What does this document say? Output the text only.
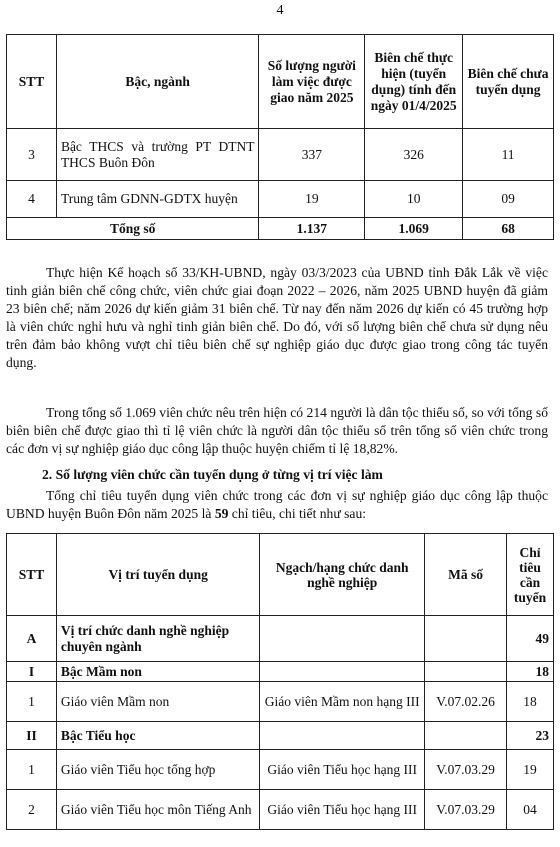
4
STT	Bậc, ngành	Số lượng người làm việc được giao năm 2025	Biên chế thực hiện (tuyển dụng) tính đến ngày 01/4/2025	Biên chế chưa tuyển dụng
3	Bậc THCS và trường PT DTNT THCS Buôn Đôn	337	326	11
4	Trung tâm GDNN-GDTX huyện	19	10	09
Tổng số		1.137	1.069	68

Thực hiện Kế hoạch số 33/KH-UBND, ngày 03/3/2023 của UBND tỉnh Đắk Lắk về việc tinh giản biên chế công chức, viên chức giai đoạn 2022 – 2026, năm 2025 UBND huyện đã giảm 23 biên chế; năm 2026 dự kiến giảm 31 biên chế. Từ nay đến năm 2026 dự kiến có 45 trường hợp là viên chức nghỉ hưu và nghỉ tinh giản biên chế. Do đó, với số lượng biên chế chưa sử dụng nêu trên đảm bảo không vượt chỉ tiêu biên chế sự nghiệp giáo dục được giao trong công tác tuyển dụng.

Trong tổng số 1.069 viên chức nêu trên hiện có 214 người là dân tộc thiểu số, so với tổng số biên biên chế được giao thì tỉ lệ viên chức là người dân tộc thiểu số trên tổng số viên chức trong các đơn vị sự nghiệp giáo dục công lập thuộc huyện chiếm tỉ lệ 18,82%.

2. Số lượng viên chức cần tuyển dụng ở từng vị trí việc làm

Tổng chỉ tiêu tuyển dụng viên chức trong các đơn vị sự nghiệp giáo dục công lập thuộc UBND huyện Buôn Đôn năm 2025 là 59 chỉ tiêu, chi tiết như sau:

STT	Vị trí tuyển dụng	Ngạch/hạng chức danh nghề nghiệp	Mã số	Chỉ tiêu cần tuyển
A	Vị trí chức danh nghề nghiệp chuyên ngành			49
I	Bậc Mầm non			18
1	Giáo viên Mầm non	Giáo viên Mầm non hạng III	V.07.02.26	18
II	Bậc Tiểu học			23
1	Giáo viên Tiểu học tổng hợp	Giáo viên Tiểu học hạng III	V.07.03.29	19
2	Giáo viên Tiểu học môn Tiếng Anh	Giáo viên Tiểu học hạng III	V.07.03.29	04
